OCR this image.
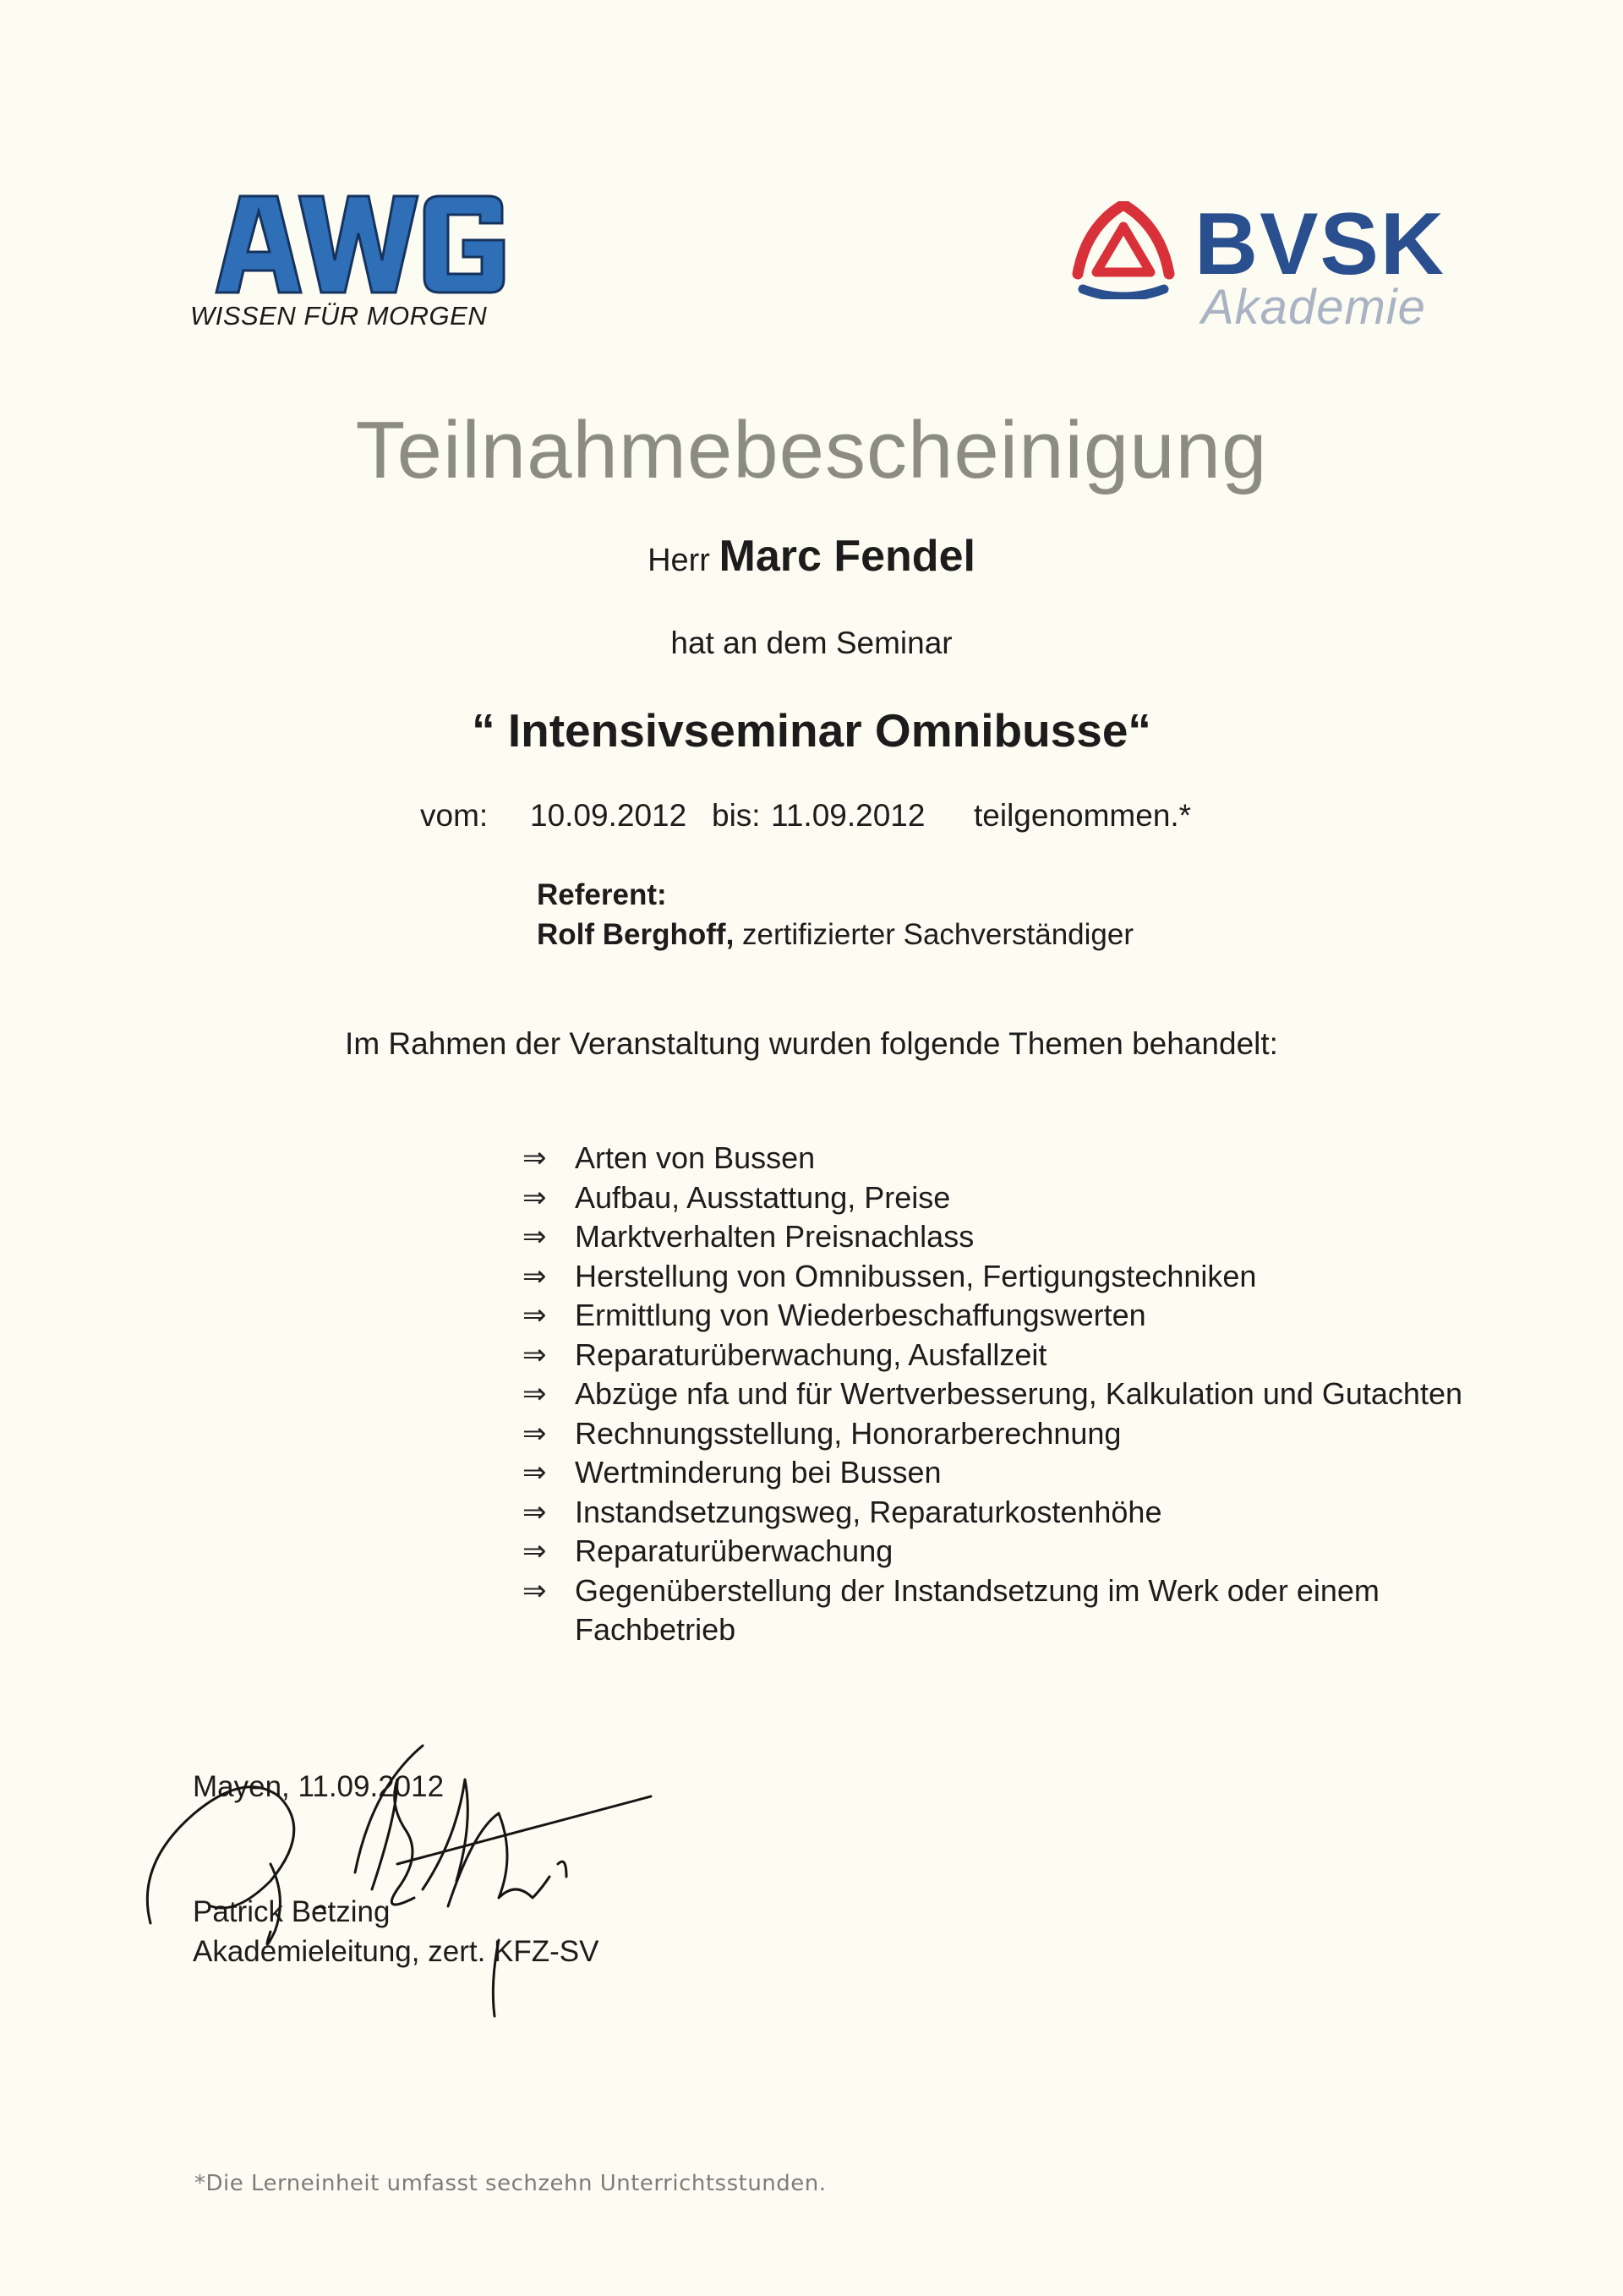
WISSEN FÜR MORGEN
BVSK
Akademie
Teilnahmebescheinigung
Herr Marc Fendel
hat an dem Seminar
“ Intensivseminar Omnibusse“
vom: 10.09.2012 bis: 11.09.2012 teilgenommen.*
Referent:
Rolf Berghoff, zertifizierter Sachverständiger
Im Rahmen der Veranstaltung wurden folgende Themen behandelt:
⇒ Arten von Bussen
⇒ Aufbau, Ausstattung, Preise
⇒ Marktverhalten Preisnachlass
⇒ Herstellung von Omnibussen, Fertigungstechniken
⇒ Ermittlung von Wiederbeschaffungswerten
⇒ Reparaturüberwachung, Ausfallzeit
⇒ Abzüge nfa und für Wertverbesserung, Kalkulation und Gutachten
⇒ Rechnungsstellung, Honorarberechnung
⇒ Wertminderung bei Bussen
⇒ Instandsetzungsweg, Reparaturkostenhöhe
⇒ Reparaturüberwachung
⇒ Gegenüberstellung der Instandsetzung im Werk oder einem Fachbetrieb
Mayen, 11.09.2012
Patrick Betzing
Akademieleitung, zert. KFZ-SV
*Die Lerneinheit umfasst sechzehn Unterrichtsstunden.
